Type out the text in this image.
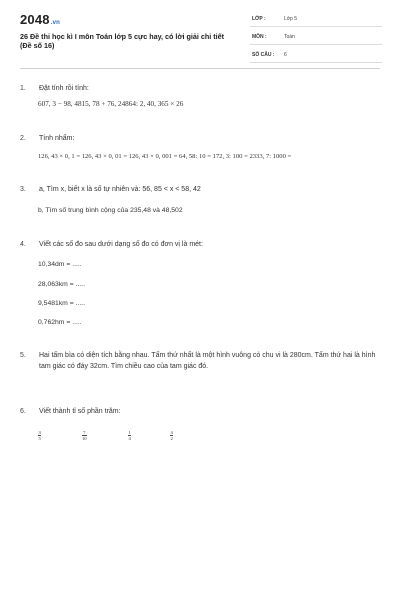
2048.vn
26 Đề thi học kì I môn Toán lớp 5 cực hay, có lời giải chi tiết
(Đề số 16)
LỚP :	Lớp 5
MÔN :	Toán
SỐ CÂU : 6
1. Đặt tính rồi tính:
607, 3 − 98, 4815, 78 + 76, 24864: 2, 40, 365 × 26
2. Tính nhẩm:
126, 43 × 0, 1 = 126, 43 × 0, 01 = 126, 43 × 0, 001 = 64, 58: 10 = 172, 3: 100 = 2333, 7: 1000 =
3. a, Tìm x, biết x là số tự nhiên và: 56, 85 < x < 58, 42
b, Tìm số trung bình cộng của 235,48 và 48,502
4. Viết các số đo sau dưới dạng số đo có đơn vị là mét:
10,34dm = .....
28,063km = .....
9,5481km = .....
0,762hm = .....
5. Hai tấm bìa có diện tích bằng nhau. Tấm thứ nhất là một hình vuông có chu vi là 280cm. Tấm thứ hai là hình tam giác có đáy 32cm. Tìm chiều cao của tam giác đó.
6. Viết thành tỉ số phần trăm:
$\frac{3}{5}$	$\frac{7}{10}$	$\frac{1}{4}$	$\frac{4}{2}$
